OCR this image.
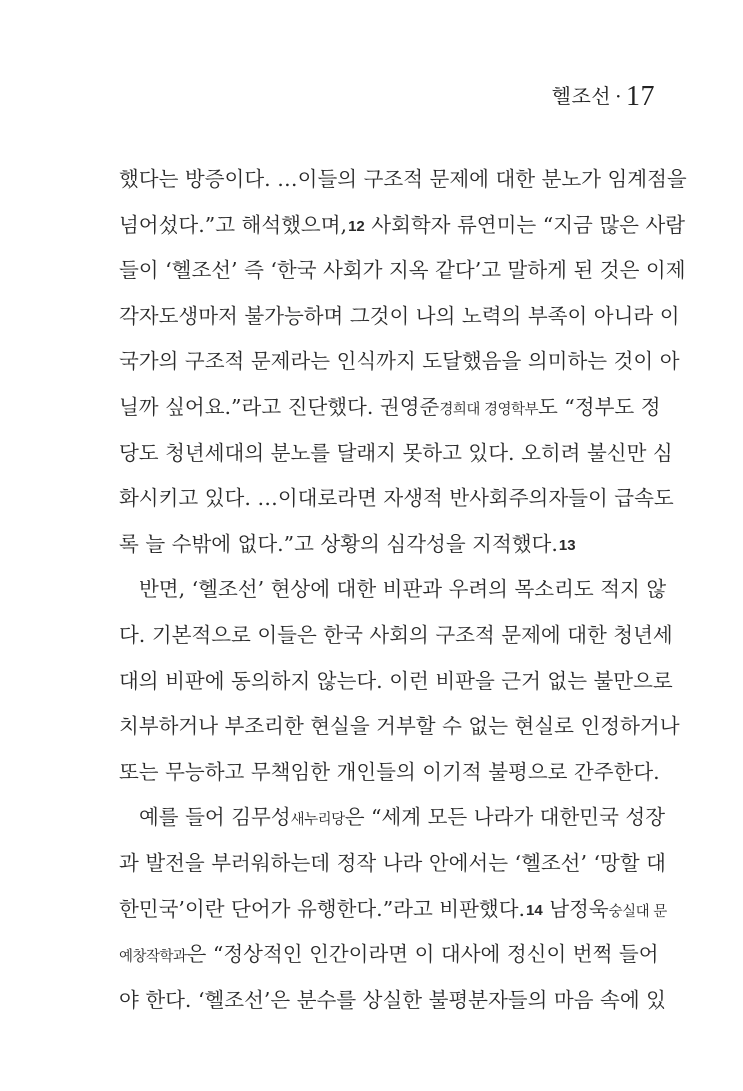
헬조선 · 17
했다는 방증이다. …이들의 구조적 문제에 대한 분노가 임계점을
넘어섰다.”고 해석했으며,12 사회학자 류연미는 “지금 많은 사람
들이 ‘헬조선’ 즉 ‘한국 사회가 지옥 같다’고 말하게 된 것은 이제
각자도생마저 불가능하며 그것이 나의 노력의 부족이 아니라 이
국가의 구조적 문제라는 인식까지 도달했음을 의미하는 것이 아
닐까 싶어요.”라고 진단했다. 권영준경희대 경영학부도 “정부도 정
당도 청년세대의 분노를 달래지 못하고 있다. 오히려 불신만 심
화시키고 있다. …이대로라면 자생적 반사회주의자들이 급속도
록 늘 수밖에 없다.”고 상황의 심각성을 지적했다.13
반면, ‘헬조선’ 현상에 대한 비판과 우려의 목소리도 적지 않
다. 기본적으로 이들은 한국 사회의 구조적 문제에 대한 청년세
대의 비판에 동의하지 않는다. 이런 비판을 근거 없는 불만으로
치부하거나 부조리한 현실을 거부할 수 없는 현실로 인정하거나
또는 무능하고 무책임한 개인들의 이기적 불평으로 간주한다.
예를 들어 김무성새누리당은 “세계 모든 나라가 대한민국 성장
과 발전을 부러워하는데 정작 나라 안에서는 ‘헬조선’ ‘망할 대
한민국’이란 단어가 유행한다.”라고 비판했다.14 남정욱숭실대 문
예창작학과은 “정상적인 인간이라면 이 대사에 정신이 번쩍 들어
야 한다. ‘헬조선’은 분수를 상실한 불평분자들의 마음 속에 있
